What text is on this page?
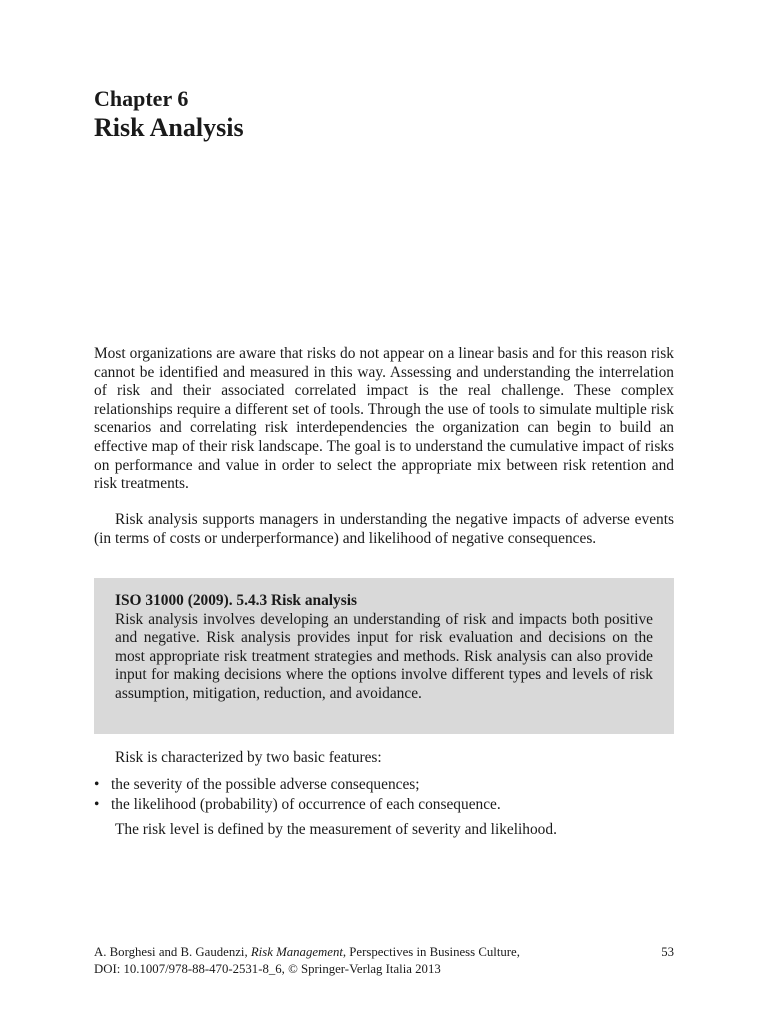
Chapter 6
Risk Analysis

Most organizations are aware that risks do not appear on a linear basis and for this reason risk cannot be identified and measured in this way. Assessing and understanding the interrelation of risk and their associated correlated impact is the real challenge. These complex relationships require a different set of tools. Through the use of tools to simulate multiple risk scenarios and correlating risk interdependencies the organization can begin to build an effective map of their risk landscape. The goal is to understand the cumulative impact of risks on performance and value in order to select the appropriate mix between risk retention and risk treatments.

Risk analysis supports managers in understanding the negative impacts of adverse events (in terms of costs or underperformance) and likelihood of negative consequences.

ISO 31000 (2009). 5.4.3 Risk analysis
Risk analysis involves developing an understanding of risk and impacts both positive and negative. Risk analysis provides input for risk evaluation and decisions on the most appropriate risk treatment strategies and methods. Risk analysis can also provide input for making decisions where the options involve different types and levels of risk assumption, mitigation, reduction, and avoidance.
Risk is characterized by two basic features:
• the severity of the possible adverse consequences;
• the likelihood (probability) of occurrence of each consequence.
The risk level is defined by the measurement of severity and likelihood.
A. Borghesi and B. Gaudenzi, Risk Management, Perspectives in Business Culture,	53
DOI: 10.1007/978-88-470-2531-8_6, © Springer-Verlag Italia 2013
